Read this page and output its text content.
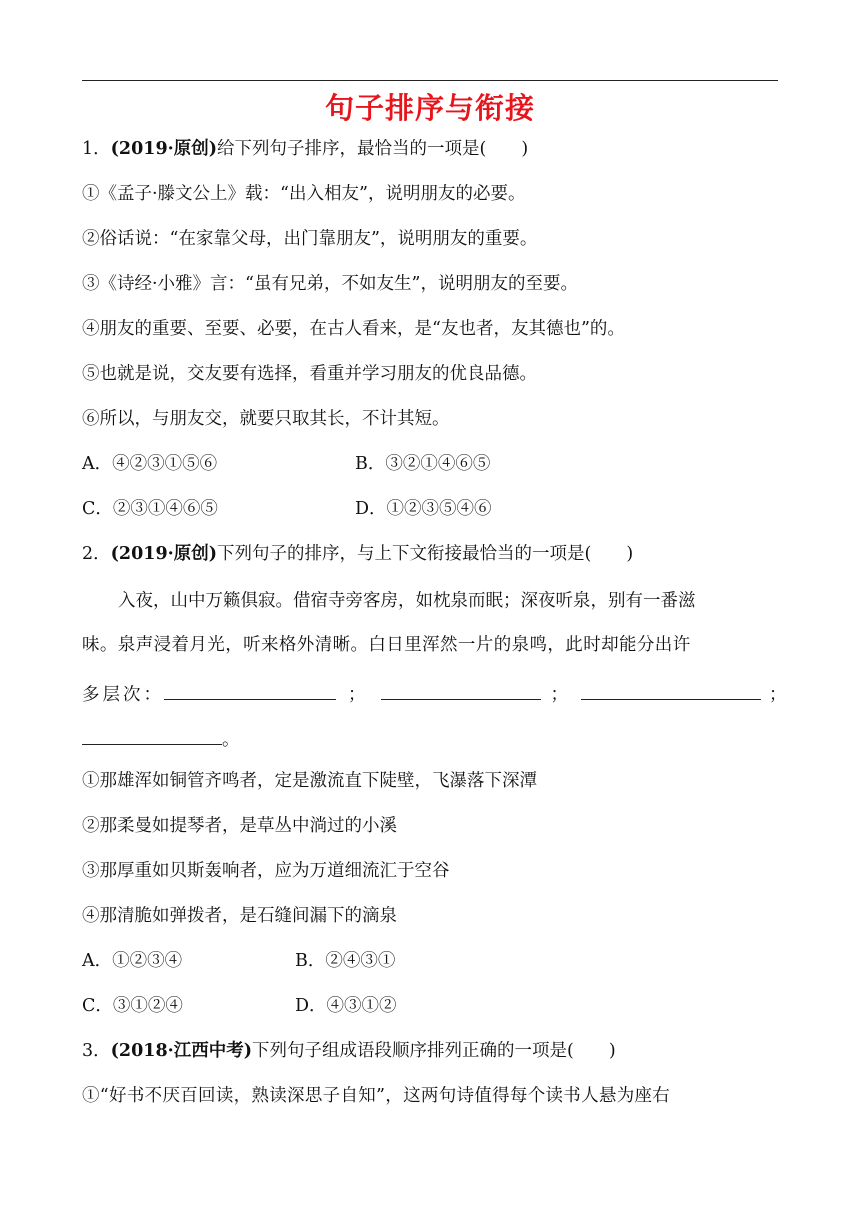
句子排序与衔接
1．(2019·原创)给下列句子排序，最恰当的一项是(　　)
①《孟子·滕文公上》载：“出入相友”，说明朋友的必要。
②俗话说：“在家靠父母，出门靠朋友”，说明朋友的重要。
③《诗经·小雅》言：“虽有兄弟，不如友生”，说明朋友的至要。
④朋友的重要、至要、必要，在古人看来，是“友也者，友其德也”的。
⑤也就是说，交友要有选择，看重并学习朋友的优良品德。
⑥所以，与朋友交，就要只取其长，不计其短。
A．④②③①⑤⑥	B．③②①④⑥⑤
C．②③①④⑥⑤	D．①②③⑤④⑥
2．(2019·原创)下列句子的排序，与上下文衔接最恰当的一项是(　　)
入夜，山中万籁俱寂。借宿寺旁客房，如枕泉而眠；深夜听泉，别有一番滋
味。泉声浸着月光，听来格外清晰。白日里浑然一片的泉鸣，此时却能分出许
多层次：	；	；	；
。
①那雄浑如铜管齐鸣者，定是激流直下陡壁，飞瀑落下深潭
②那柔曼如提琴者，是草丛中淌过的小溪
③那厚重如贝斯轰响者，应为万道细流汇于空谷
④那清脆如弹拨者，是石缝间漏下的滴泉
A．①②③④	B．②④③①
C．③①②④	D．④③①②
3．(2018·江西中考)下列句子组成语段顺序排列正确的一项是(　　)
①“好书不厌百回读，熟读深思子自知”，这两句诗值得每个读书人悬为座右
